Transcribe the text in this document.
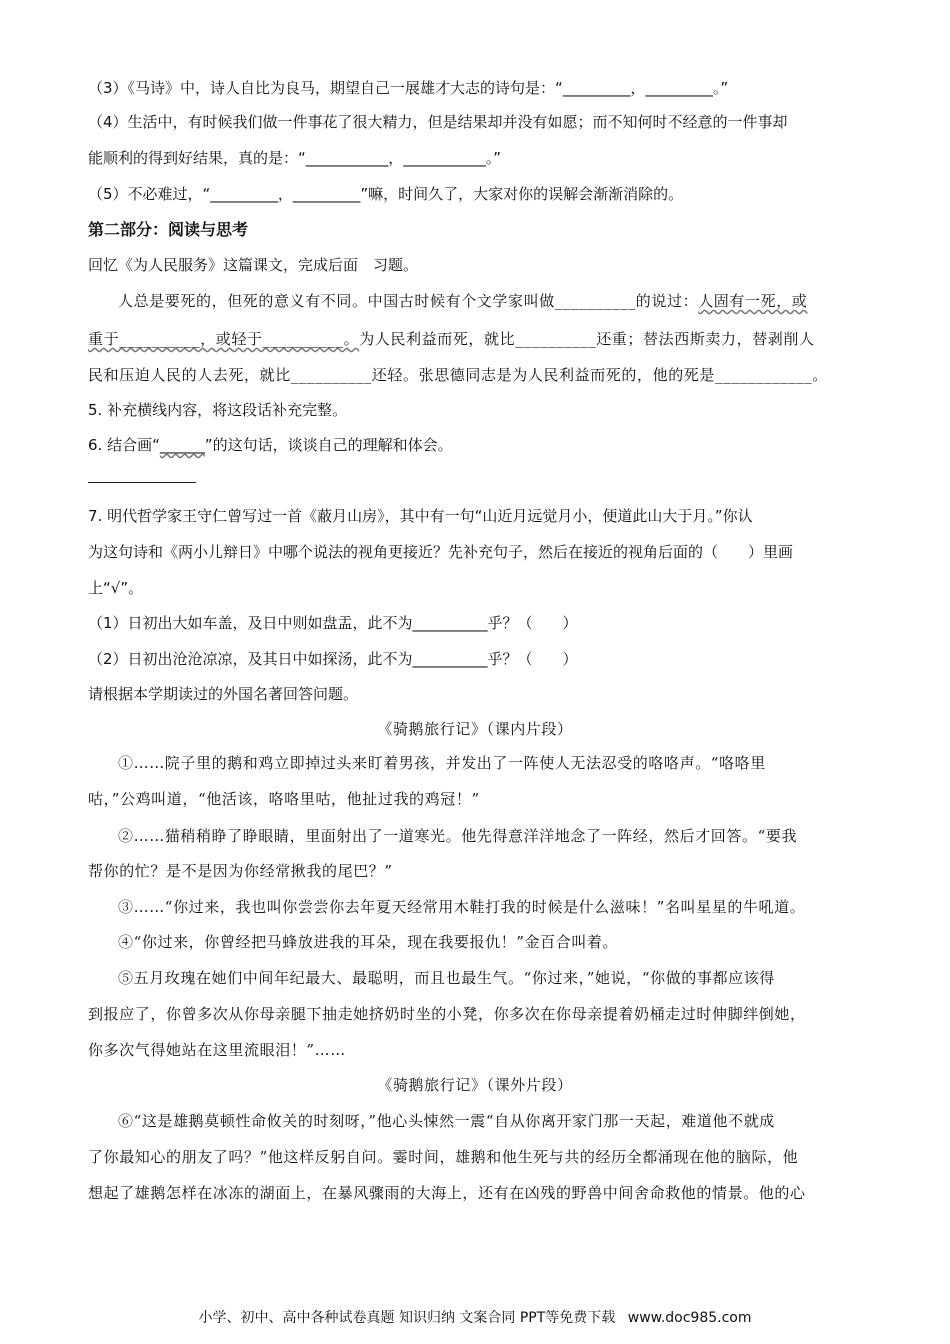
（3）《马诗》中，诗人自比为良马，期望自己一展雄才大志的诗句是：“_________，_________。”
（4）生活中，有时候我们做一件事花了很大精力，但是结果却并没有如愿；而不知何时不经意的一件事却
能顺利的得到好结果，真的是：“___________，___________。”
（5）不必难过，“_________，_________”嘛，时间久了，大家对你的误解会渐渐消除的。
第二部分：阅读与思考
回忆《为人民服务》这篇课文，完成后面　习题。
人总是要死的，但死的意义有不同。中国古时候有个文学家叫做__________的说过：人固有一死，或
重于__________，或轻于__________。为人民利益而死，就比__________还重；替法西斯卖力，替剥削人
民和压迫人民的人去死，就比__________还轻。张思德同志是为人民利益而死的，他的死是____________。
5. 补充横线内容，将这段话补充完整。
6. 结合画“______”的这句话，谈谈自己的理解和体会。
7. 明代哲学家王守仁曾写过一首《蔽月山房》，其中有一句“山近月远觉月小，便道此山大于月。”你认
为这句诗和《两小儿辩日》中哪个说法的视角更接近？先补充句子，然后在接近的视角后面的（　　）里画
上“√”。
（1）日初出大如车盖，及日中则如盘盂，此不为__________乎？（　　）
（2）日初出沧沧凉凉，及其日中如探汤，此不为__________乎？（　　）
请根据本学期读过的外国名著回答问题。
《骑鹅旅行记》（课内片段）
①……院子里的鹅和鸡立即掉过头来盯着男孩，并发出了一阵使人无法忍受的咯咯声。“咯咯里
咕，”公鸡叫道，“他活该，咯咯里咕，他扯过我的鸡冠！”
②……猫稍稍睁了睁眼睛，里面射出了一道寒光。他先得意洋洋地念了一阵经，然后才回答。“要我
帮你的忙？是不是因为你经常揪我的尾巴？”
③……“你过来，我也叫你尝尝你去年夏天经常用木鞋打我的时候是什么滋味！”名叫星星的牛吼道。
④“你过来，你曾经把马蜂放进我的耳朵，现在我要报仇！”金百合叫着。
⑤五月玫瑰在她们中间年纪最大、最聪明，而且也最生气。“你过来，”她说，“你做的事都应该得
到报应了，你曾多次从你母亲腿下抽走她挤奶时坐的小凳，你多次在你母亲提着奶桶走过时伸脚绊倒她，
你多次气得她站在这里流眼泪！”……
《骑鹅旅行记》（课外片段）
⑥“这是雄鹅莫顿性命攸关的时刻呀，”他心头悚然一震“自从你离开家门那一天起，难道他不就成
了你最知心的朋友了吗？”他这样反躬自问。霎时间，雄鹅和他生死与共的经历全都涌现在他的脑际，他
想起了雄鹅怎样在冰冻的湖面上，在暴风骤雨的大海上，还有在凶残的野兽中间舍命救他的情景。他的心
小学、初中、高中各种试卷真题 知识归纳 文案合同 PPT等免费下载 www.doc985.com
